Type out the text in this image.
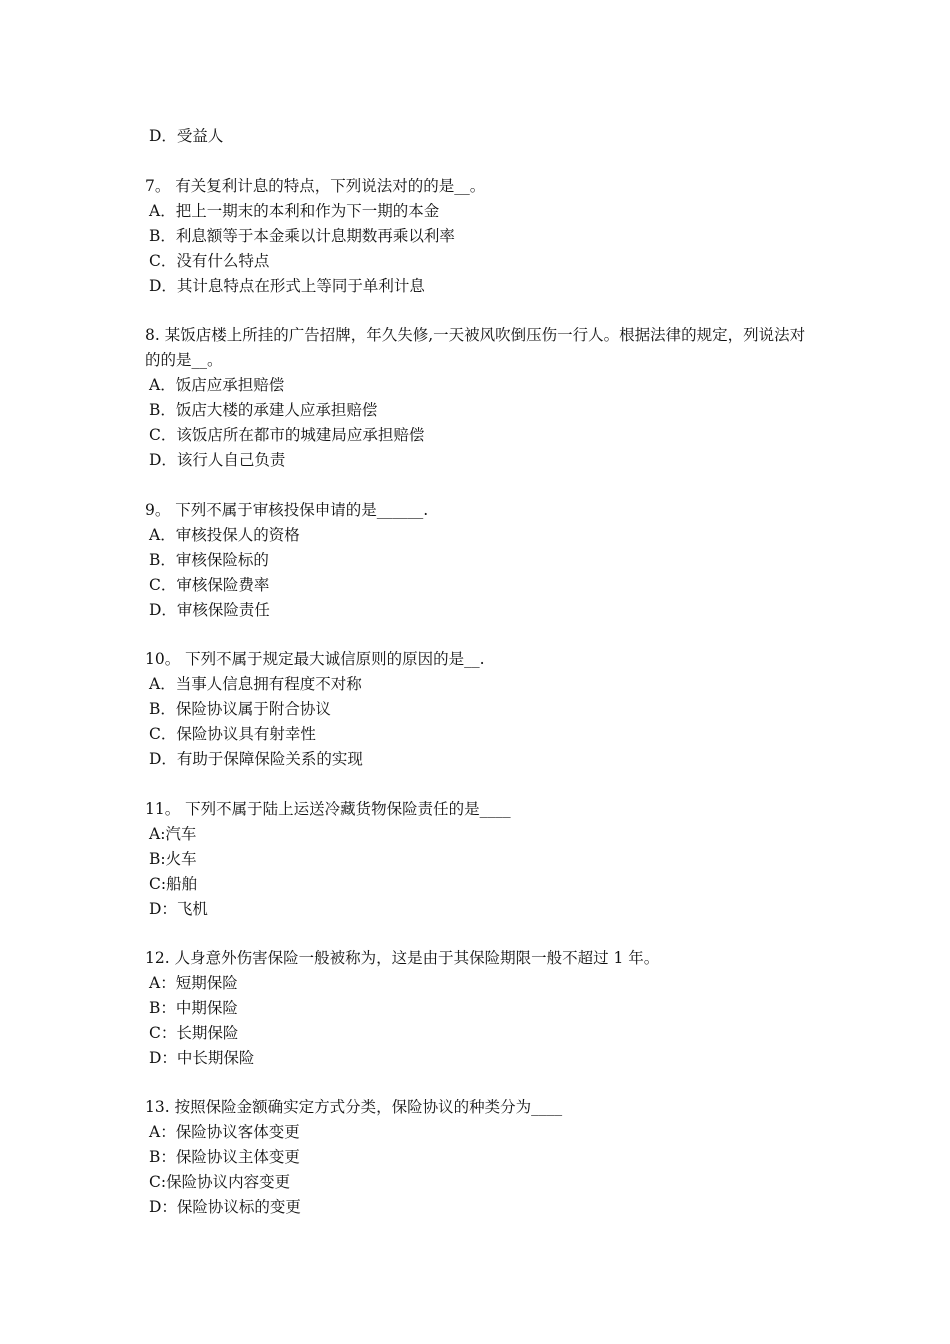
D．受益人
7。 有关复利计息的特点，下列说法对的的是__。
A．把上一期末的本利和作为下一期的本金
B．利息额等于本金乘以计息期数再乘以利率
C．没有什么特点
D．其计息特点在形式上等同于单利计息
8. 某饭店楼上所挂的广告招牌，年久失修,一天被风吹倒压伤一行人。根据法律的规定，列说法对的的是__。
A．饭店应承担赔偿
B．饭店大楼的承建人应承担赔偿
C．该饭店所在都市的城建局应承担赔偿
D．该行人自己负责
9。 下列不属于审核投保申请的是______.
A．审核投保人的资格
B．审核保险标的
C．审核保险费率
D．审核保险责任
10。 下列不属于规定最大诚信原则的原因的是__.
A．当事人信息拥有程度不对称
B．保险协议属于附合协议
C．保险协议具有射幸性
D．有助于保障保险关系的实现
11。 下列不属于陆上运送冷藏货物保险责任的是____
A:汽车
B:火车
C:船舶
D：飞机
12. 人身意外伤害保险一般被称为，这是由于其保险期限一般不超过 1 年。
A：短期保险
B：中期保险
C：长期保险
D：中长期保险
13. 按照保险金额确实定方式分类，保险协议的种类分为____
A：保险协议客体变更
B：保险协议主体变更
C:保险协议内容变更
D：保险协议标的变更
